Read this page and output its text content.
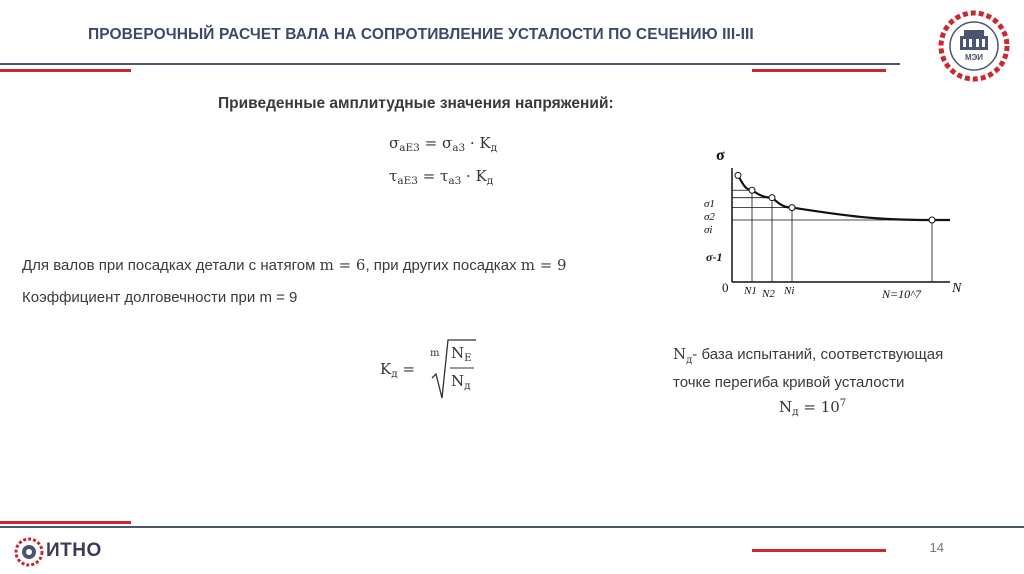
ПРОВЕРОЧНЫЙ РАСЧЕТ ВАЛА НА СОПРОТИВЛЕНИЕ УСТАЛОСТИ ПО СЕЧЕНИЮ III-III
МЭИ
Приведенные амплитудные значения напряжений:
$\sigma_{aE3} = \sigma_{a3} \cdot K_д$
$\tau_{aE3} = \tau_{a3} \cdot K_д$
Для валов при посадках детали с натягом m = 6, при других посадках m = 9
Коэффициент долговечности при m = 9
$K_д$ =
m $N_E$
$N_д$
σ
N
0
σ1
σ2
σi
σ-1
N1 N2 Ni	N=10^7
$N_д-$ база испытаний, соответствующая
точке перегиба кривой усталости
$N_д = 10^7$
ИТНО	14
